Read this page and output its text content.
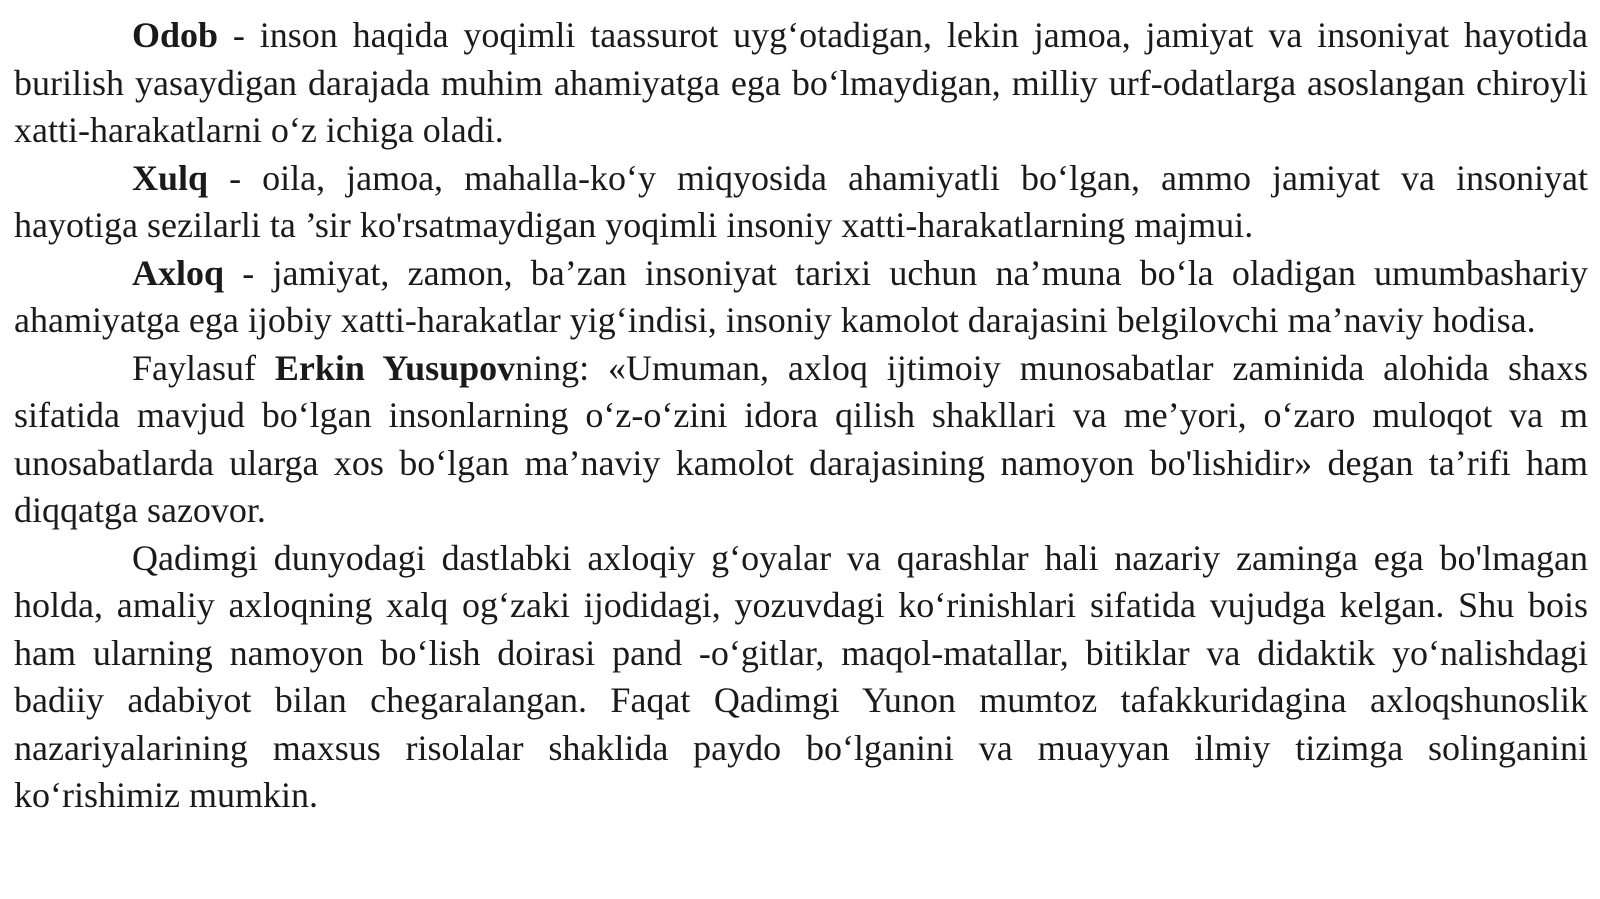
Odob - inson haqida yoqimli taassurot uyg‘otadigan, lekin jamoa, jamiyat va insoniyat hayotida burilish yasaydigan darajada muhim ahamiyatga ega bo‘lmaydigan, milliy urf-odatlarga asoslangan chiroyli xatti-harakatlarni o‘z ichiga oladi.

Xulq - oila, jamoa, mahalla-ko‘y miqyosida ahamiyatli bo‘lgan, ammo jamiyat va insoniyat hayotiga sezilarli ta ’sir ko'rsatmaydigan yoqimli insoniy xatti-harakatlarning majmui.

Axloq - jamiyat, zamon, ba’zan insoniyat tarixi uchun na’muna bo‘la oladigan umumbashariy ahamiyatga ega ijobiy xatti-harakatlar yig‘indisi, insoniy kamolot darajasini belgilovchi ma’naviy hodisa.

Faylasuf Erkin Yusupovning: «Umuman, axloq ijtimoiy munosabatlar zaminida alohida shaxs sifatida mavjud bo‘lgan insonlarning o‘z-o‘zini idora qilish shakllari va me’yori, o‘zaro muloqot va m unosabatlarda ularga xos bo‘lgan ma’naviy kamolot darajasining namoyon bo'lishidir» degan ta’rifi ham diqqatga sazovor.

Qadimgi dunyodagi dastlabki axloqiy g‘oyalar va qarashlar hali nazariy zaminga ega bo'lmagan holda, amaliy axloqning xalq og‘zaki ijodidagi, yozuvdagi ko‘rinishlari sifatida vujudga kelgan. Shu bois ham ularning namoyon bo‘lish doirasi pand -o‘gitlar, maqol-matallar, bitiklar va didaktik yo‘nalishdagi badiiy adabiyot bilan chegaralangan. Faqat Qadimgi Yunon mumtoz tafakkuridagina axloqshunoslik nazariyalarining maxsus risolalar shaklida paydo bo‘lganini va muayyan ilmiy tizimga solinganini ko‘rishimiz mumkin.
